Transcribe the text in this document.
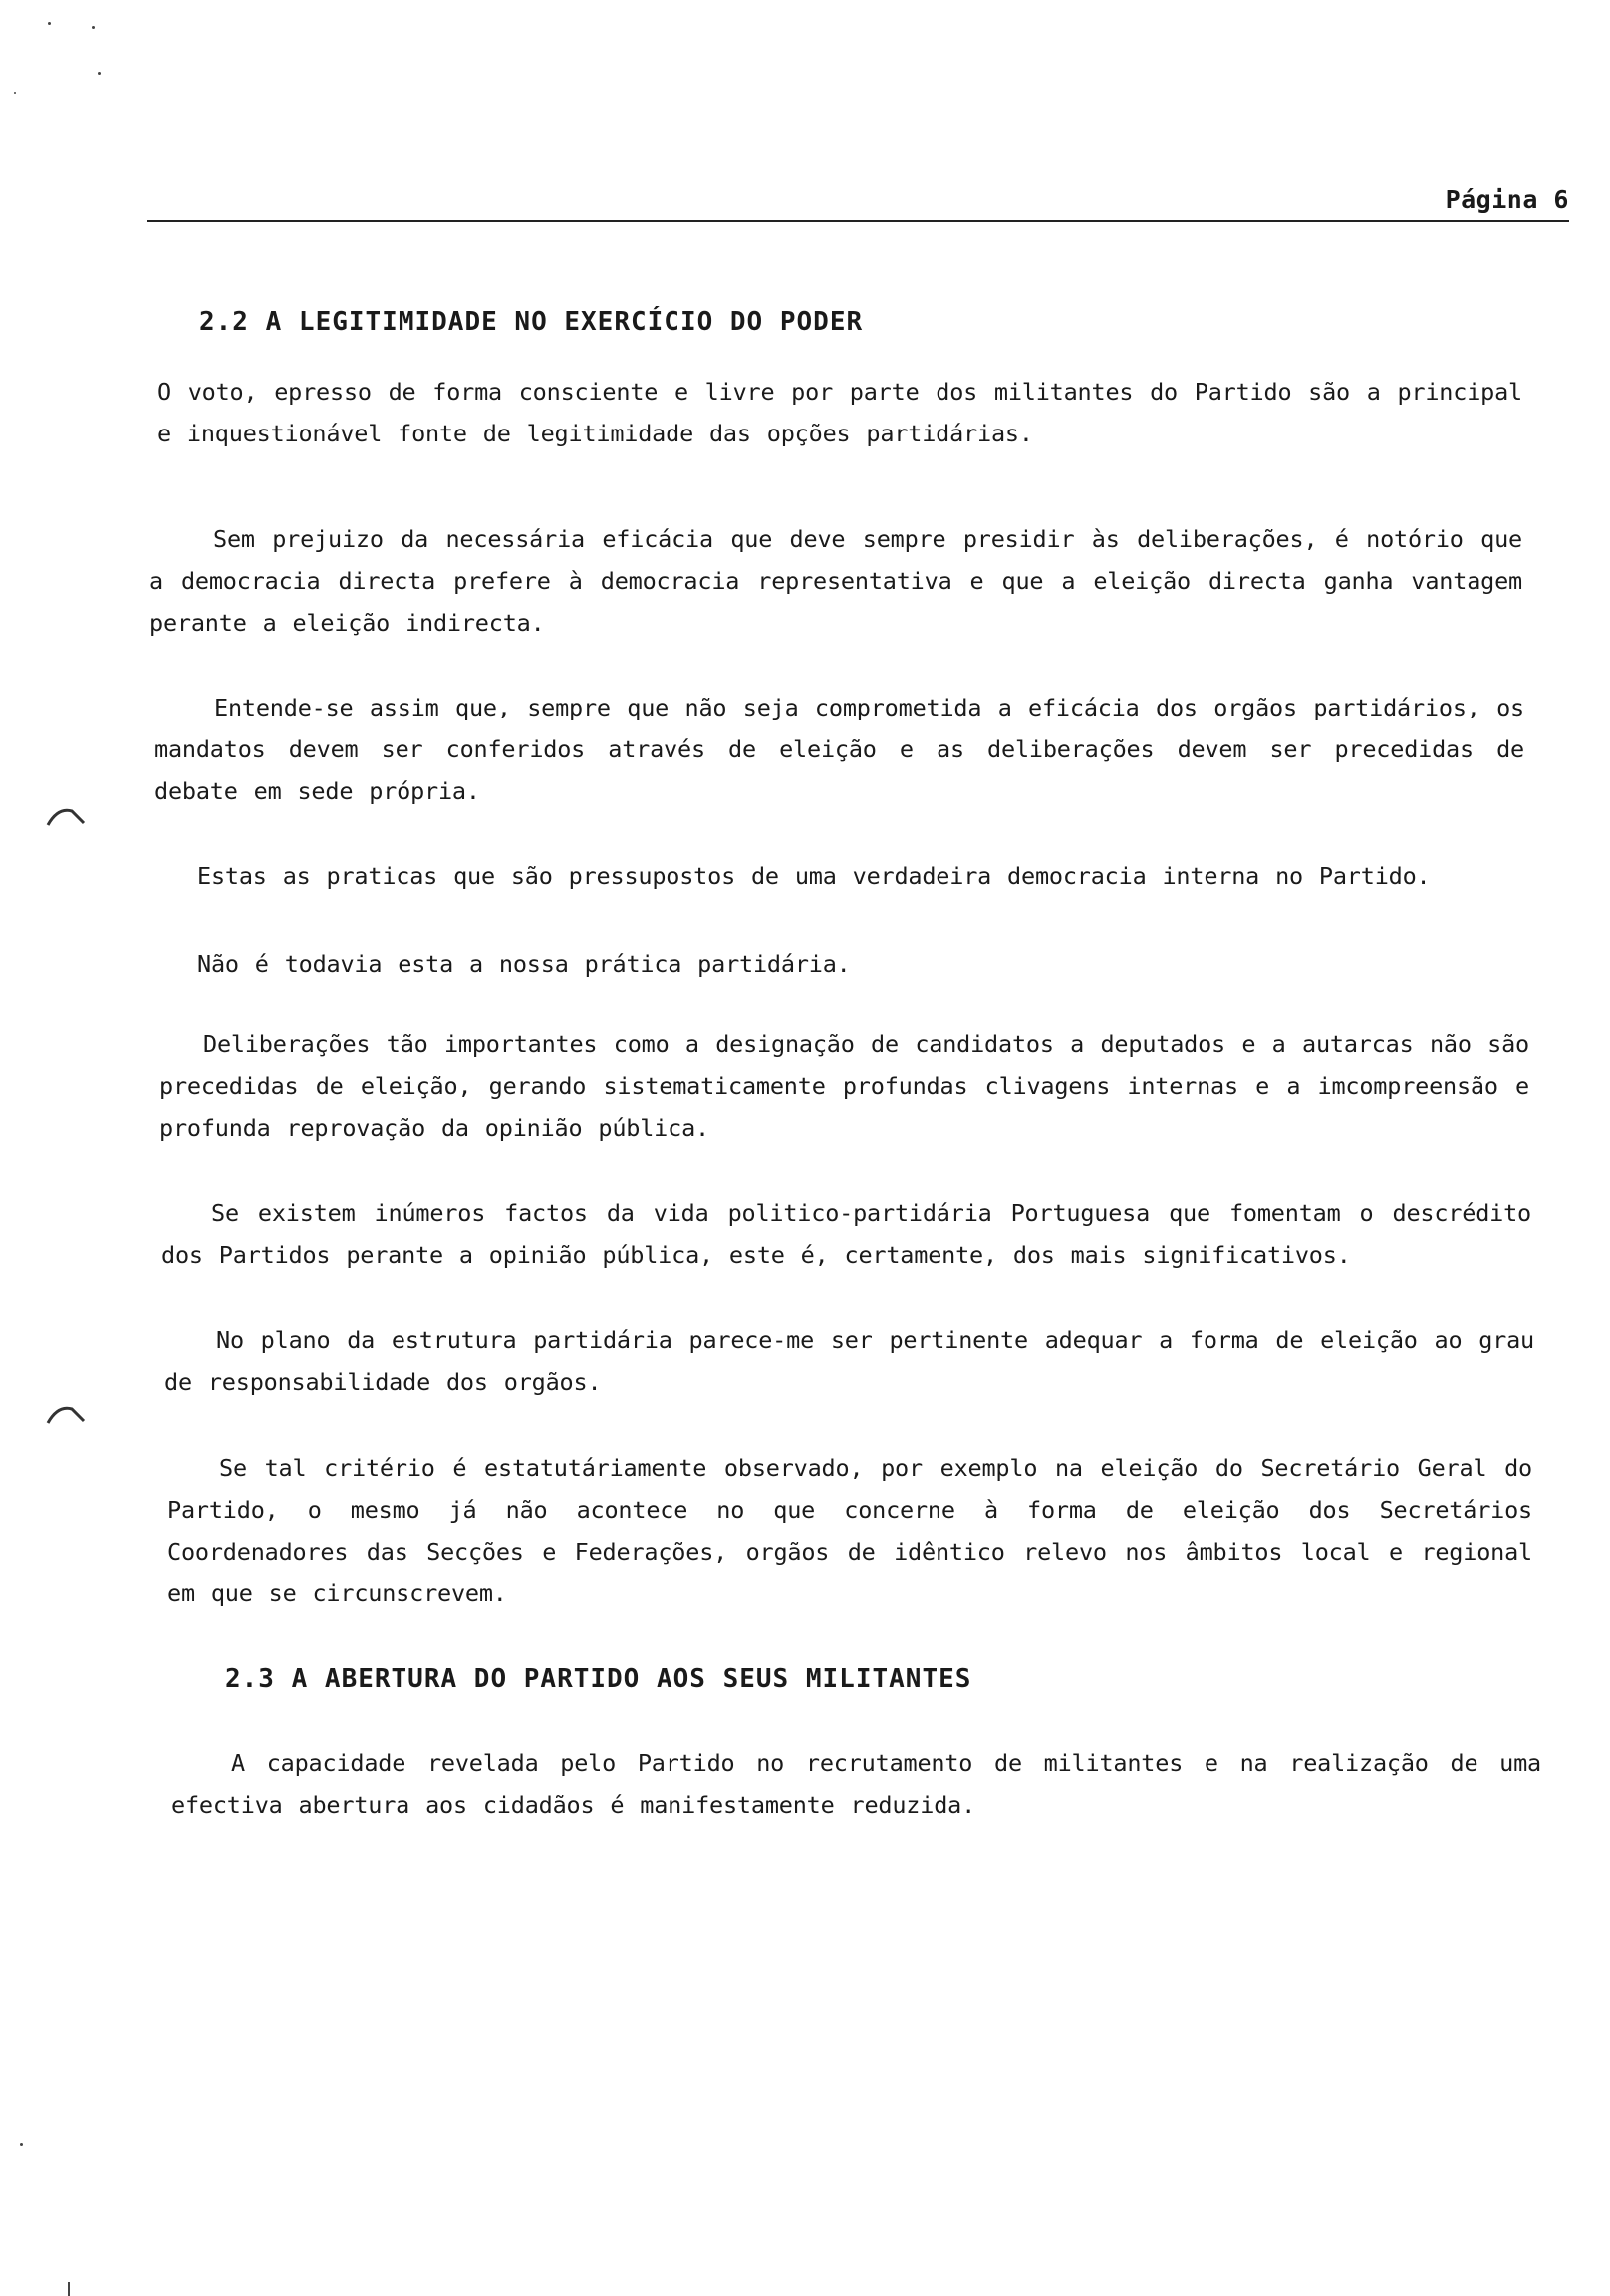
Página 6
2.2 A LEGITIMIDADE NO EXERCÍCIO DO PODER

O voto, epresso de forma consciente e livre por parte dos militantes do Partido são a principal e inquestionável fonte de legitimidade das opções partidárias.

Sem prejuizo da necessária eficácia que deve sempre presidir às deliberações, é notório que a democracia directa prefere à democracia representativa e que a eleição directa ganha vantagem perante a eleição indirecta.

Entende-se assim que, sempre que não seja comprometida a eficácia dos orgãos partidários, os mandatos devem ser conferidos através de eleição e as deliberações devem ser precedidas de debate em sede própria.

Estas as praticas que são pressupostos de uma verdadeira democracia interna no Partido.

Não é todavia esta a nossa prática partidária.

Deliberações tão importantes como a designação de candidatos a deputados e a autarcas não são precedidas de eleição, gerando sistematicamente profundas clivagens internas e a imcompreensão e profunda reprovação da opinião pública.

Se existem inúmeros factos da vida politico-partidária Portuguesa que fomentam o descrédito dos Partidos perante a opinião pública, este é, certamente, dos mais significativos.

No plano da estrutura partidária parece-me ser pertinente adequar a forma de eleição ao grau de responsabilidade dos orgãos.

Se tal critério é estatutáriamente observado, por exemplo na eleição do Secretário Geral do Partido, o mesmo já não acontece no que concerne à forma de eleição dos Secretários Coordenadores das Secções e Federações, orgãos de idêntico relevo nos âmbitos local e regional em que se circunscrevem.

2.3 A ABERTURA DO PARTIDO AOS SEUS MILITANTES

A capacidade revelada pelo Partido no recrutamento de militantes e na realização de uma efectiva abertura aos cidadãos é manifestamente reduzida.
